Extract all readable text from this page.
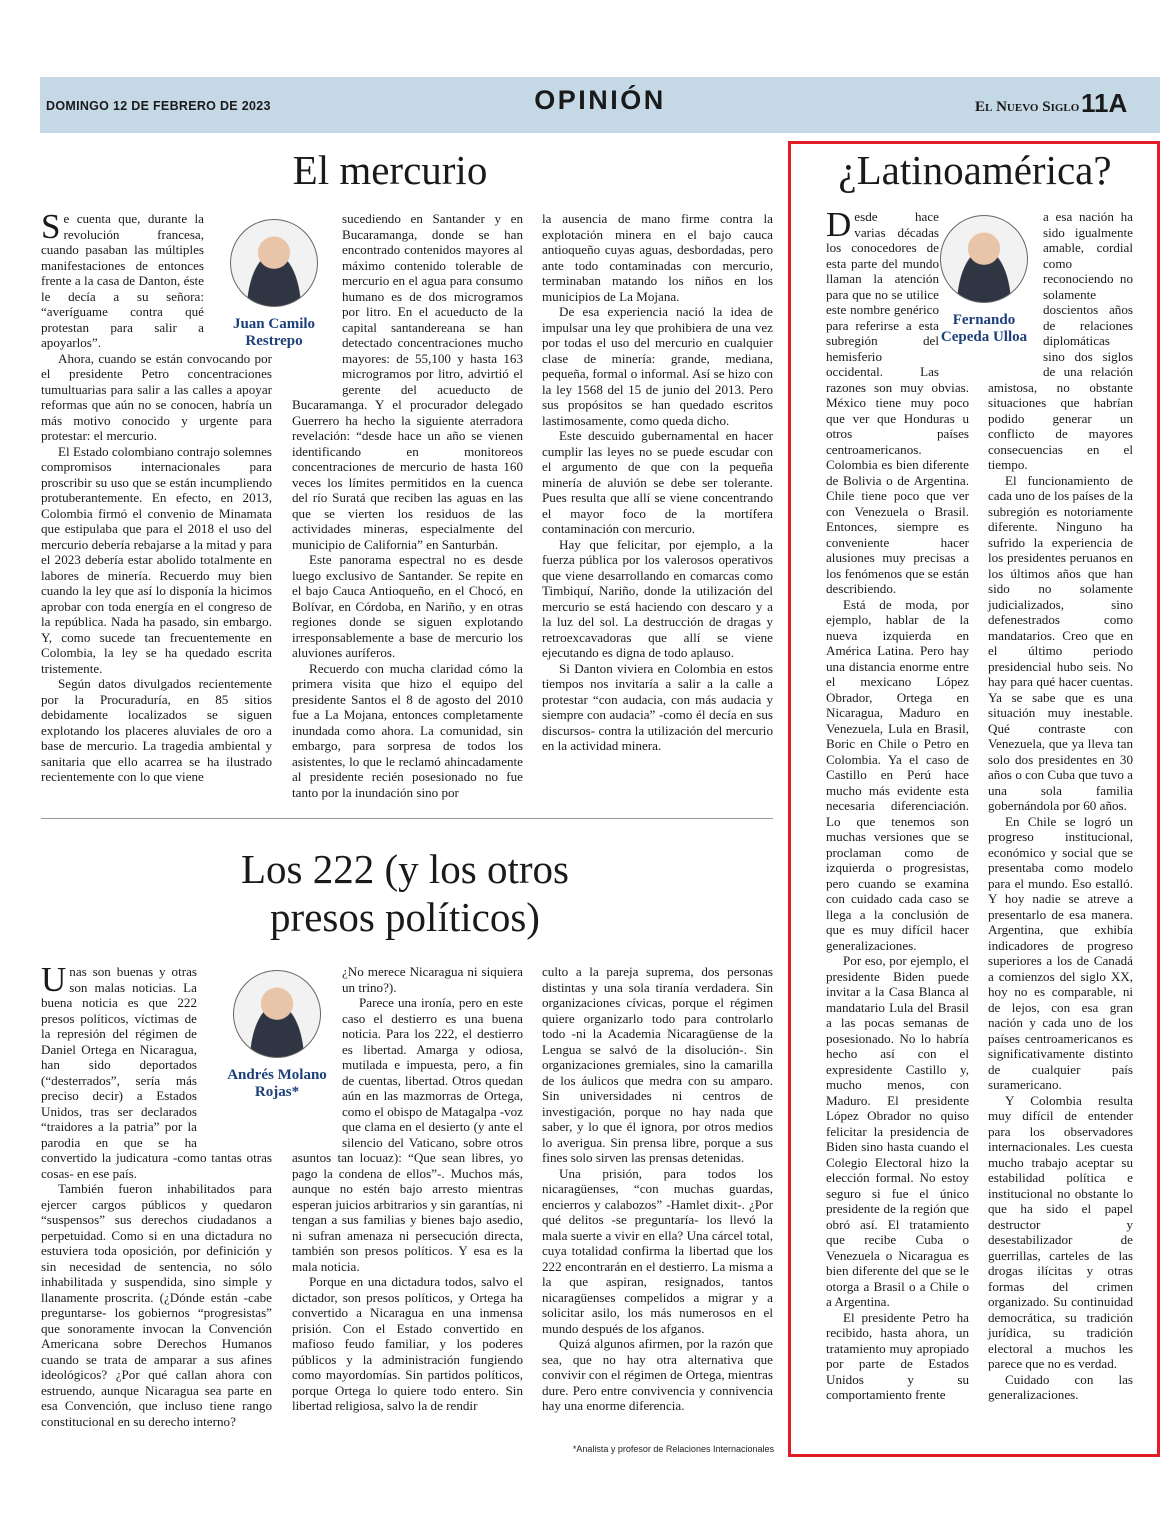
DOMINGO 12 DE FEBRERO DE 2023	OPINIÓN	El Nuevo Siglo 11A
El mercurio
Juan Camilo Restrepo

Se cuenta que, durante la revolución francesa, cuando pasaban las múltiples manifestaciones de entonces frente a la casa de Danton, éste le decía a su señora: “averíguame contra qué protestan para salir a apoyarlos”.

Ahora, cuando se están convocando por el presidente Petro concentraciones tumultuarias para salir a las calles a apoyar reformas que aún no se conocen, habría un más motivo conocido y urgente para protestar: el mercurio.

El Estado colombiano contrajo solemnes compromisos internacionales para proscribir su uso que se están incumpliendo protuberantemente. En efecto, en 2013, Colombia firmó el convenio de Minamata que estipulaba que para el 2018 el uso del mercurio debería rebajarse a la mitad y para el 2023 debería estar abolido totalmente en labores de minería. Recuerdo muy bien cuando la ley que así lo disponía la hicimos aprobar con toda energía en el congreso de la república. Nada ha pasado, sin embargo. Y, como sucede tan frecuentemente en Colombia, la ley se ha quedado escrita tristemente.

Según datos divulgados recientemente por la Procuraduría, en 85 sitios debidamente localizados se siguen explotando los placeres aluviales de oro a base de mercurio. La tragedia ambiental y sanitaria que ello acarrea se ha ilustrado recientemente con lo que viene

sucediendo en Santander y en Bucaramanga, donde se han encontrado contenidos mayores al máximo contenido tolerable de mercurio en el agua para consumo humano es de dos microgramos por litro. En el acueducto de la capital santandereana se han detectado concentraciones mucho mayores: de 55,100 y hasta 163 microgramos por litro, advirtió el gerente del acueducto de Bucaramanga. Y el procurador delegado Guerrero ha hecho la siguiente aterradora revelación: “desde hace un año se vienen identificando en monitoreos concentraciones de mercurio de hasta 160 veces los límites permitidos en la cuenca del río Suratá que reciben las aguas en las que se vierten los residuos de las actividades mineras, especialmente del municipio de California” en Santurbán.

Este panorama espectral no es desde luego exclusivo de Santander. Se repite en el bajo Cauca Antioqueño, en el Chocó, en Bolívar, en Córdoba, en Nariño, y en otras regiones donde se siguen explotando irresponsablemente a base de mercurio los aluviones auríferos.

Recuerdo con mucha claridad cómo la primera visita que hizo el equipo del presidente Santos el 8 de agosto del 2010 fue a La Mojana, entonces completamente inundada como ahora. La comunidad, sin embargo, para sorpresa de todos los asistentes, lo que le reclamó ahincadamente al presidente recién posesionado no fue tanto por la inundación sino por

la ausencia de mano firme contra la explotación minera en el bajo cauca antioqueño cuyas aguas, desbordadas, pero ante todo contaminadas con mercurio, terminaban matando los niños en los municipios de La Mojana.

De esa experiencia nació la idea de impulsar una ley que prohibiera de una vez por todas el uso del mercurio en cualquier clase de minería: grande, mediana, pequeña, formal o informal. Así se hizo con la ley 1568 del 15 de junio del 2013. Pero sus propósitos se han quedado escritos lastimosamente, como queda dicho.

Este descuido gubernamental en hacer cumplir las leyes no se puede escudar con el argumento de que con la pequeña minería de aluvión se debe ser tolerante. Pues resulta que allí se viene concentrando el mayor foco de la mortífera contaminación con mercurio.

Hay que felicitar, por ejemplo, a la fuerza pública por los valerosos operativos que viene desarrollando en comarcas como Timbiquí, Nariño, donde la utilización del mercurio se está haciendo con descaro y a la luz del sol. La destrucción de dragas y retroexcavadoras que allí se viene ejecutando es digna de todo aplauso.

Si Danton viviera en Colombia en estos tiempos nos invitaría a salir a la calle a protestar “con audacia, con más audacia y siempre con audacia” -como él decía en sus discursos- contra la utilización del mercurio en la actividad minera.

Los 222 (y los otros presos políticos)
Andrés Molano Rojas*

Unas son buenas y otras son malas noticias. La buena noticia es que 222 presos políticos, víctimas de la represión del régimen de Daniel Ortega en Nicaragua, han sido deportados (“desterrados”, sería más preciso decir) a Estados Unidos, tras ser declarados “traidores a la patria” por la parodia en que se ha convertido la judicatura -como tantas otras cosas- en ese país.

También fueron inhabilitados para ejercer cargos públicos y quedaron “suspensos” sus derechos ciudadanos a perpetuidad. Como si en una dictadura no estuviera toda oposición, por definición y sin necesidad de sentencia, no sólo inhabilitada y suspendida, sino simple y llanamente proscrita. (¿Dónde están -cabe preguntarse- los gobiernos “progresistas” que sonoramente invocan la Convención Americana sobre Derechos Humanos cuando se trata de amparar a sus afines ideológicos? ¿Por qué callan ahora con estruendo, aunque Nicaragua sea parte en esa Convención, que incluso tiene rango constitucional en su derecho interno?

¿No merece Nicaragua ni siquiera un trino?).

Parece una ironía, pero en este caso el destierro es una buena noticia. Para los 222, el destierro es libertad. Amarga y odiosa, mutilada e impuesta, pero, a fin de cuentas, libertad. Otros quedan aún en las mazmorras de Ortega, como el obispo de Matagalpa -voz que clama en el desierto (y ante el silencio del Vaticano, sobre otros asuntos tan locuaz): “Que sean libres, yo pago la condena de ellos”-. Muchos más, aunque no estén bajo arresto mientras esperan juicios arbitrarios y sin garantías, ni tengan a sus familias y bienes bajo asedio, ni sufran amenaza ni persecución directa, también son presos políticos. Y esa es la mala noticia.

Porque en una dictadura todos, salvo el dictador, son presos políticos, y Ortega ha convertido a Nicaragua en una inmensa prisión. Con el Estado convertido en mafioso feudo familiar, y los poderes públicos y la administración fungiendo como mayordomías. Sin partidos políticos, porque Ortega lo quiere todo entero. Sin libertad religiosa, salvo la de rendir

culto a la pareja suprema, dos personas distintas y una sola tiranía verdadera. Sin organizaciones cívicas, porque el régimen quiere organizarlo todo para controlarlo todo -ni la Academia Nicaragüense de la Lengua se salvó de la disolución-. Sin organizaciones gremiales, sino la camarilla de los áulicos que medra con su amparo. Sin universidades ni centros de investigación, porque no hay nada que saber, y lo que él ignora, por otros medios lo averigua. Sin prensa libre, porque a sus fines solo sirven las prensas detenidas.

Una prisión, para todos los nicaragüenses, “con muchas guardas, encierros y calabozos” -Hamlet dixit-. ¿Por qué delitos -se preguntaría- los llevó la mala suerte a vivir en ella? Una cárcel total, cuya totalidad confirma la libertad que los 222 encontrarán en el destierro. La misma a la que aspiran, resignados, tantos nicaragüenses compelidos a migrar y a solicitar asilo, los más numerosos en el mundo después de los afganos.

Quizá algunos afirmen, por la razón que sea, que no hay otra alternativa que convivir con el régimen de Ortega, mientras dure. Pero entre convivencia y connivencia hay una enorme diferencia.

*Analista y profesor de Relaciones Internacionales
¿Latinoamérica?
Fernando Cepeda Ulloa

Desde hace varias décadas los conocedores de esta parte del mundo llaman la atención para que no se utilice este nombre genérico para referirse a esta subregión del hemisferio occidental. Las razones son muy obvias. México tiene muy poco que ver que Honduras u otros países centroamericanos. Colombia es bien diferente de Bolivia o de Argentina. Chile tiene poco que ver con Venezuela o Brasil. Entonces, siempre es conveniente hacer alusiones muy precisas a los fenómenos que se están describiendo.

Está de moda, por ejemplo, hablar de la nueva izquierda en América Latina. Pero hay una distancia enorme entre el mexicano López Obrador, Ortega en Nicaragua, Maduro en Venezuela, Lula en Brasil, Boric en Chile o Petro en Colombia. Ya el caso de Castillo en Perú hace mucho más evidente esta necesaria diferenciación. Lo que tenemos son muchas versiones que se proclaman como de izquierda o progresistas, pero cuando se examina con cuidado cada caso se llega a la conclusión de que es muy difícil hacer generalizaciones.

Por eso, por ejemplo, el presidente Biden puede invitar a la Casa Blanca al mandatario Lula del Brasil a las pocas semanas de posesionado. No lo habría hecho así con el expresidente Castillo y, mucho menos, con Maduro. El presidente López Obrador no quiso felicitar la presidencia de Biden sino hasta cuando el Colegio Electoral hizo la elección formal. No estoy seguro si fue el único presidente de la región que obró así. El tratamiento que recibe Cuba o Venezuela o Nicaragua es bien diferente del que se le otorga a Brasil o a Chile o a Argentina.

El presidente Petro ha recibido, hasta ahora, un tratamiento muy apropiado por parte de Estados Unidos y su comportamiento frente

a esa nación ha sido igualmente amable, cordial como reconociendo no solamente doscientos años de relaciones diplomáticas sino dos siglos de una relación amistosa, no obstante situaciones que habrían podido generar un conflicto de mayores consecuencias en el tiempo.

El funcionamiento de cada uno de los países de la subregión es notoriamente diferente. Ninguno ha sufrido la experiencia de los presidentes peruanos en los últimos años que han sido no solamente judicializados, sino defenestrados como mandatarios. Creo que en el último periodo presidencial hubo seis. No hay para qué hacer cuentas. Ya se sabe que es una situación muy inestable. Qué contraste con Venezuela, que ya lleva tan solo dos presidentes en 30 años o con Cuba que tuvo a una sola familia gobernándola por 60 años.

En Chile se logró un progreso institucional, económico y social que se presentaba como modelo para el mundo. Eso estalló. Y hoy nadie se atreve a presentarlo de esa manera. Argentina, que exhibía indicadores de progreso superiores a los de Canadá a comienzos del siglo XX, hoy no es comparable, ni de lejos, con esa gran nación y cada uno de los países centroamericanos es significativamente distinto de cualquier país suramericano.

Y Colombia resulta muy difícil de entender para los observadores internacionales. Les cuesta mucho trabajo aceptar su estabilidad política e institucional no obstante lo que ha sido el papel destructor y desestabilizador de guerrillas, carteles de las drogas ilícitas y otras formas del crimen organizado. Su continuidad democrática, su tradición jurídica, su tradición electoral a muchos les parece que no es verdad.

Cuidado con las generalizaciones.
